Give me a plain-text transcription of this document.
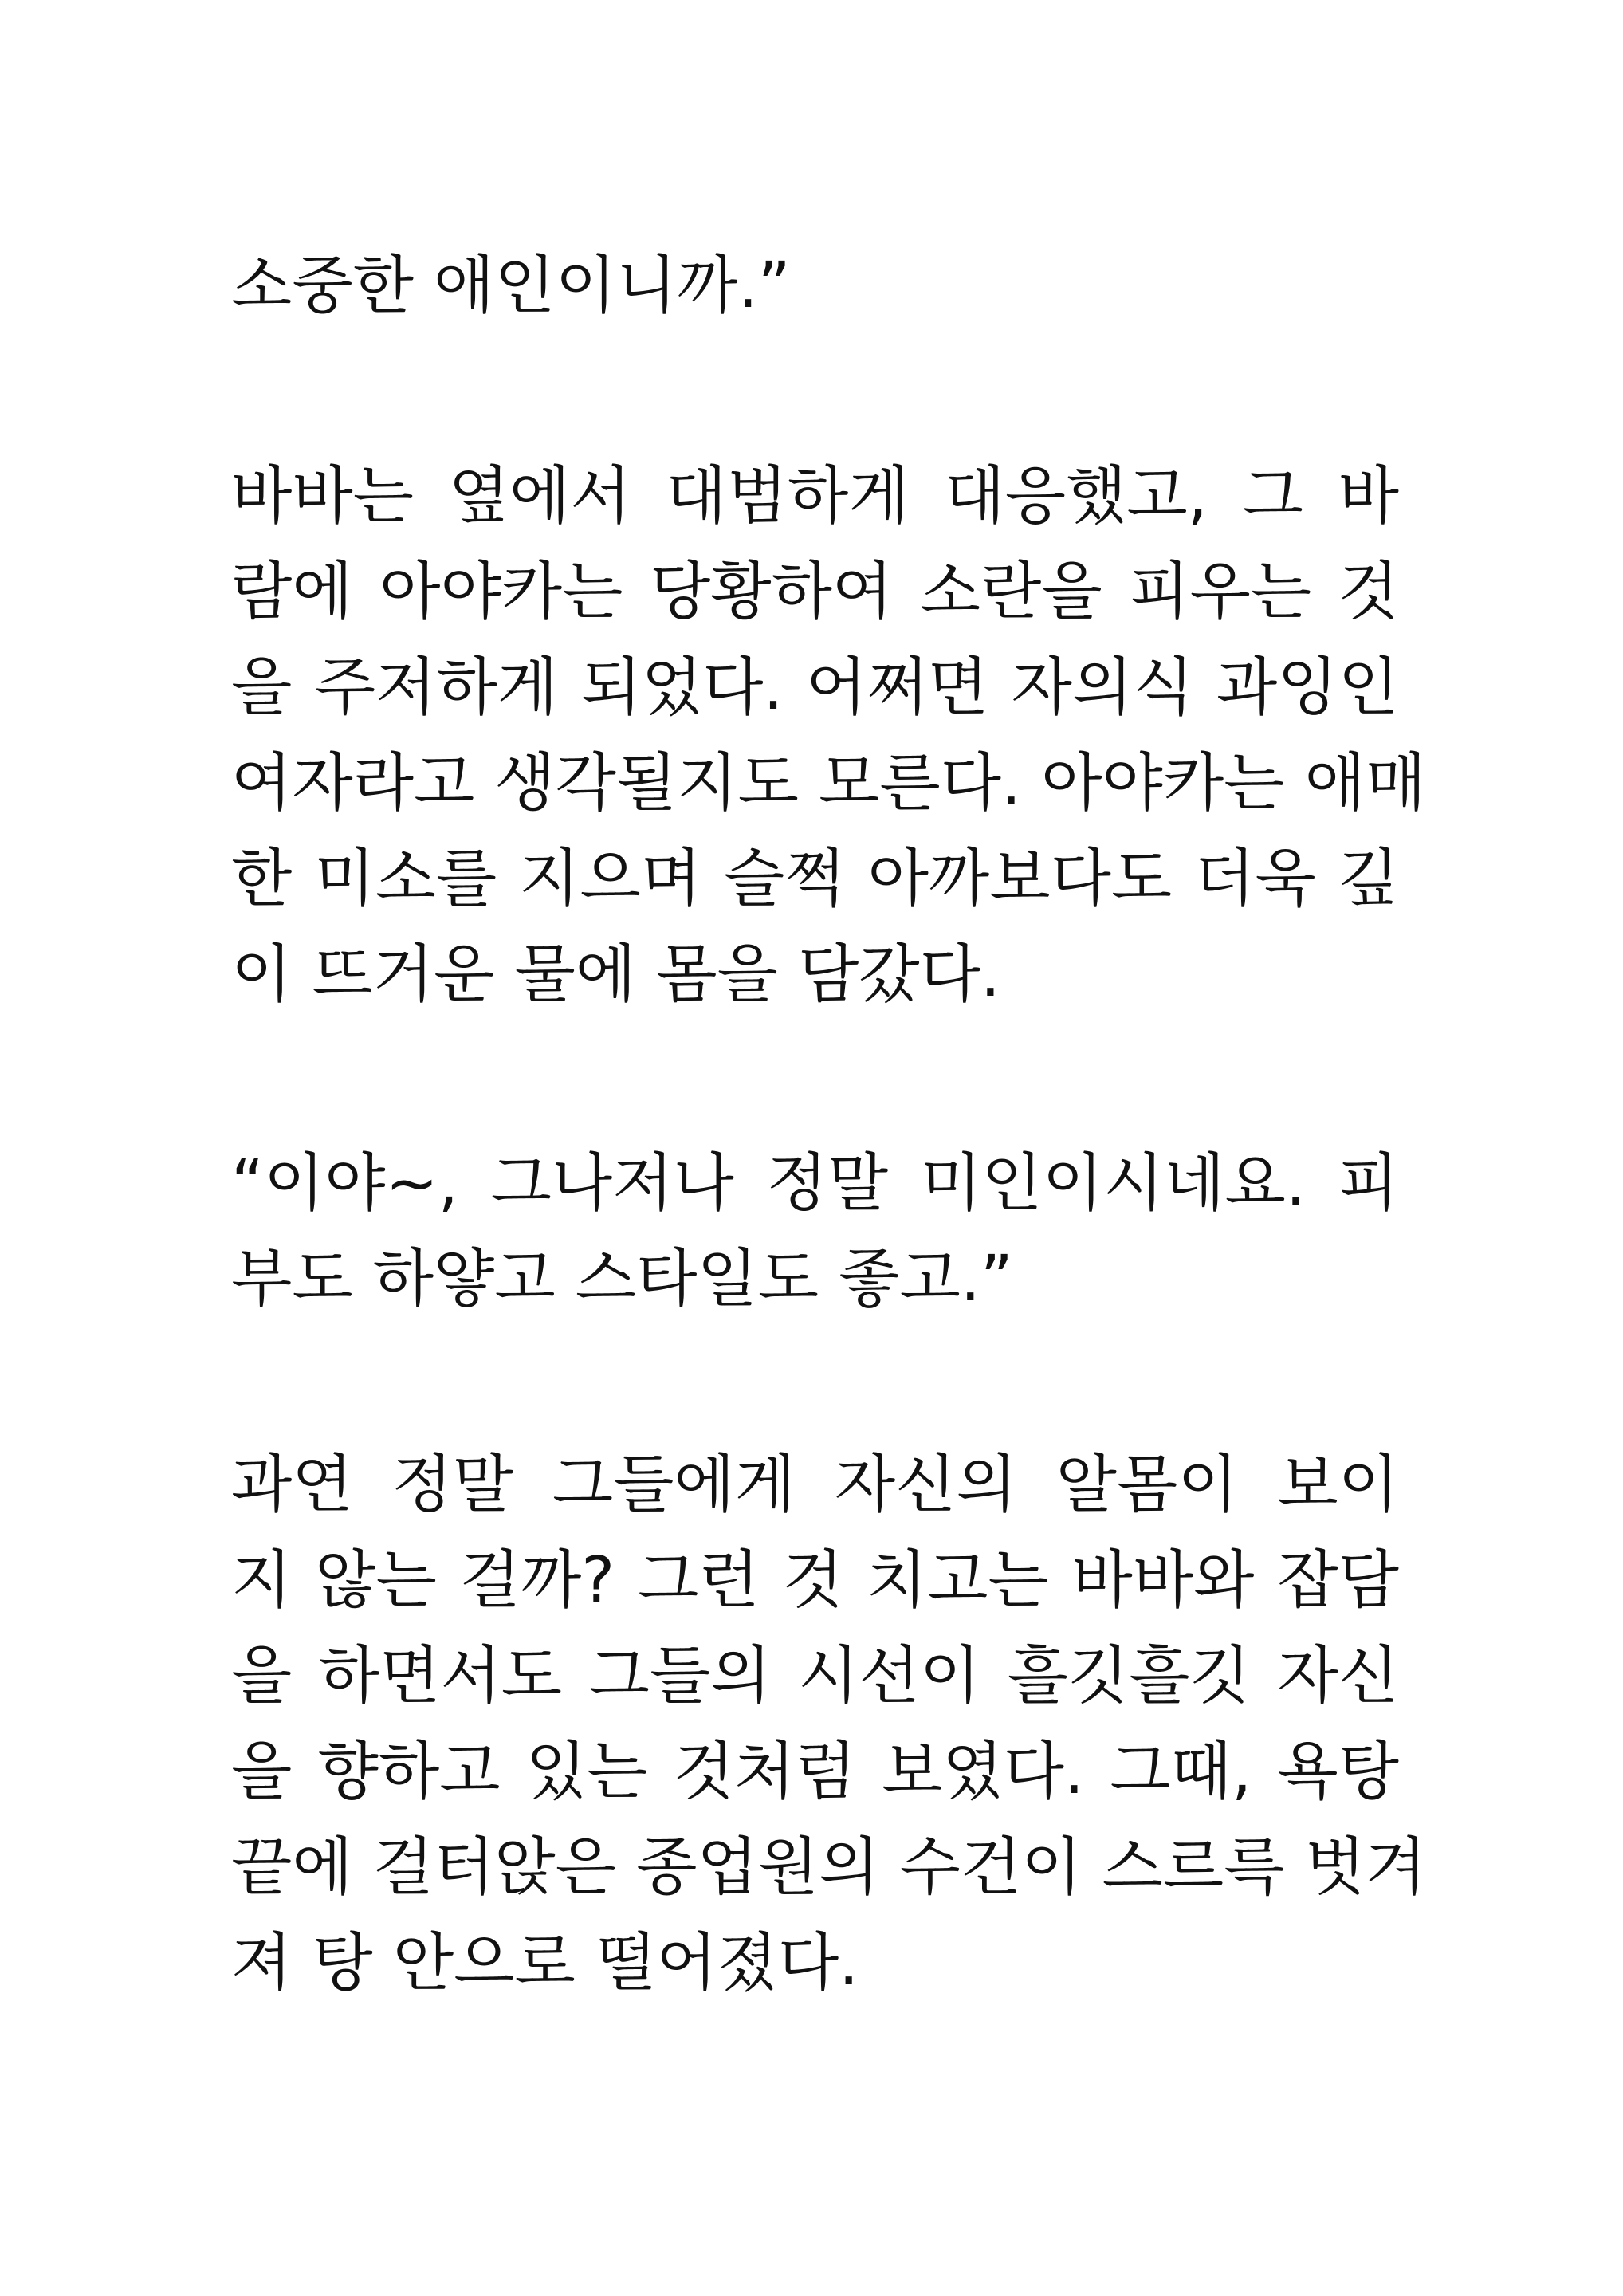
소중한 애인이니까.”
바바는 옆에서 대범하게 대응했고, 그 바
람에 아야카는 당황하여 소란을 피우는 것
을 주저하게 되었다. 어쩌면 자의식 과잉인
여자라고 생각될지도 모른다. 아야카는 애매
한 미소를 지으며 슬쩍 아까보다도 더욱 깊
이 뜨거운 물에 몸을 담갔다.
“이야~, 그나저나 정말 미인이시네요. 피
부도 하얗고 스타일도 좋고.”
과연 정말 그들에게 자신의 알몸이 보이
지 않는 걸까? 그런 것 치고는 바바와 잡담
을 하면서도 그들의 시선이 흘깃흘깃 자신
을 향하고 있는 것처럼 보였다. 그때, 욕탕
끝에 걸터앉은 종업원의 수건이 스르륵 벗겨
져 탕 안으로 떨어졌다.
